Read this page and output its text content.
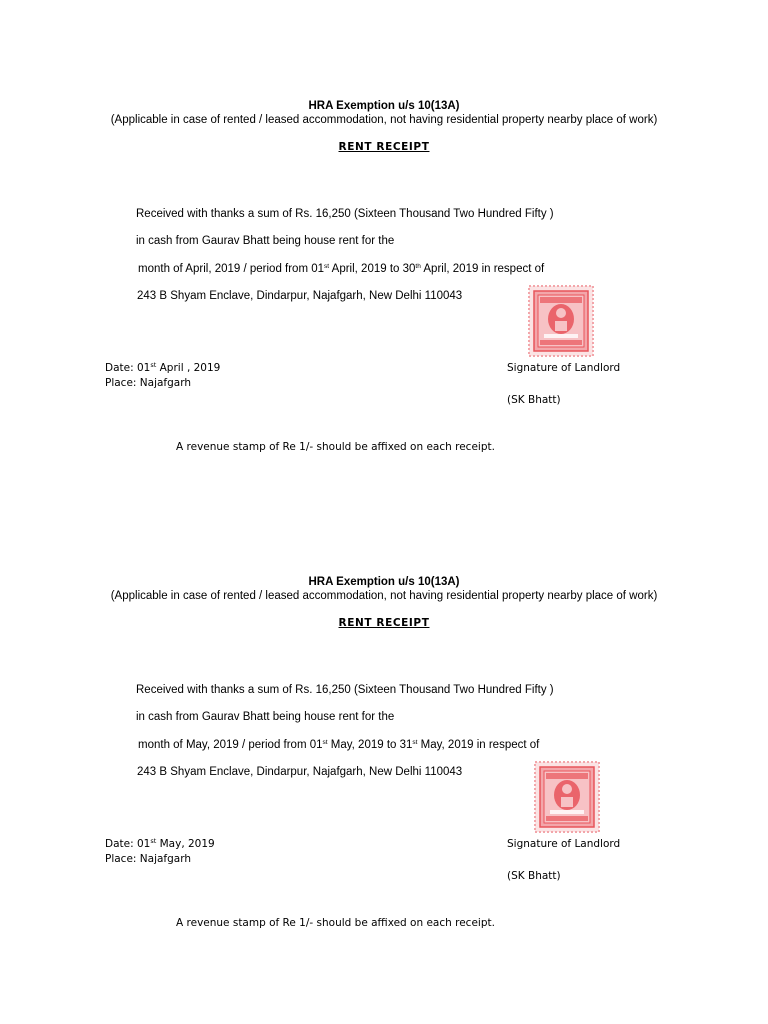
HRA Exemption u/s 10(13A)
(Applicable in case of rented / leased accommodation, not having residential property nearby place of work)
RENT RECEIPT
Received with thanks a sum of Rs. 16,250 (Sixteen Thousand Two Hundred Fifty )
in cash from Gaurav Bhatt being house rent for the
month of April, 2019 / period from 01st April, 2019 to 30th April, 2019 in respect of
243 B Shyam Enclave, Dindarpur, Najafgarh, New Delhi 110043
Date: 01st April , 2019
Place: Najafgarh
Signature of Landlord
(SK Bhatt)
A revenue stamp of Re 1/- should be affixed on each receipt.
HRA Exemption u/s 10(13A)
(Applicable in case of rented / leased accommodation, not having residential property nearby place of work)
RENT RECEIPT
Received with thanks a sum of Rs. 16,250 (Sixteen Thousand Two Hundred Fifty )
in cash from Gaurav Bhatt being house rent for the
month of May, 2019 / period from 01st May, 2019 to 31st May, 2019 in respect of
243 B Shyam Enclave, Dindarpur, Najafgarh, New Delhi 110043
Date: 01st May, 2019
Place: Najafgarh
Signature of Landlord
(SK Bhatt)
A revenue stamp of Re 1/- should be affixed on each receipt.
